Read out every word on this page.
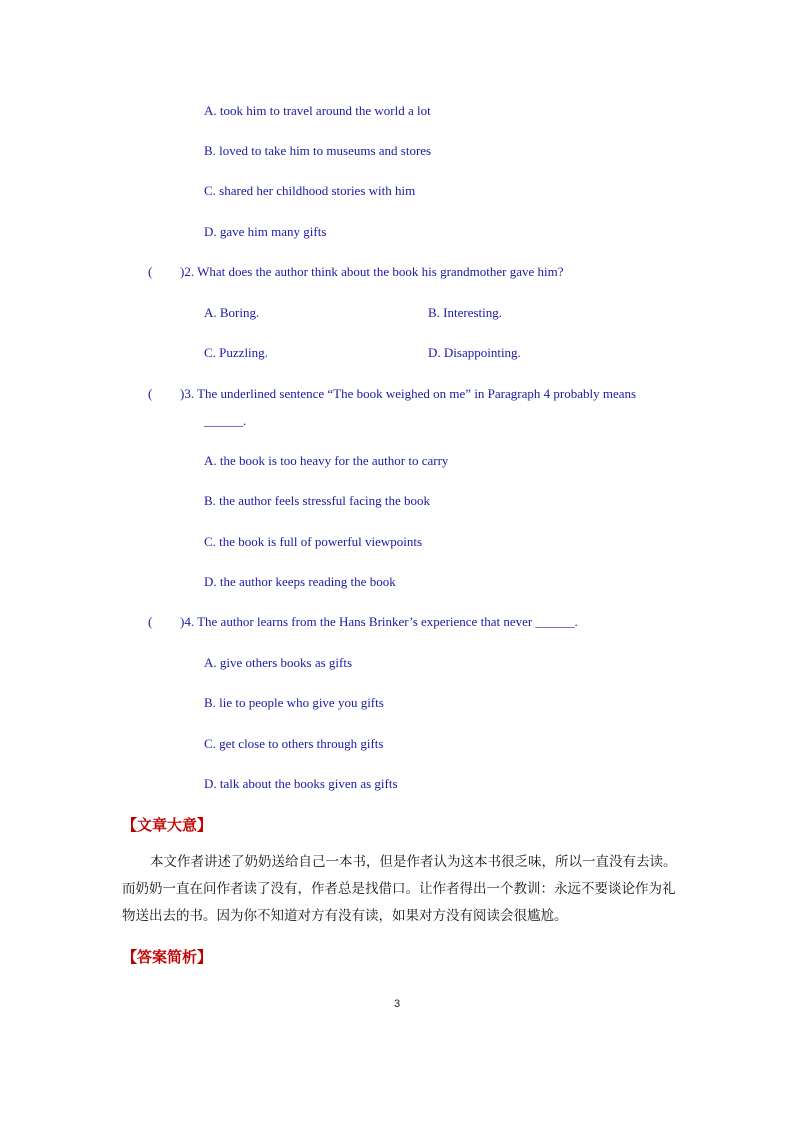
A. took him to travel around the world a lot
B. loved to take him to museums and stores
C. shared her childhood stories with him
D. gave him many gifts
( )2. What does the author think about the book his grandmother gave him?
A. Boring.	B. Interesting.
C. Puzzling.	D. Disappointing.
( )3. The underlined sentence “The book weighed on me” in Paragraph 4 probably means
______.
A. the book is too heavy for the author to carry
B. the author feels stressful facing the book
C. the book is full of powerful viewpoints
D. the author keeps reading the book
( )4. The author learns from the Hans Brinker’s experience that never ______.
A. give others books as gifts
B. lie to people who give you gifts
C. get close to others through gifts
D. talk about the books given as gifts
【文章大意】
本文作者讲述了奶奶送给自己一本书，但是作者认为这本书很乏味，所以一直没有去读。而奶奶一直在问作者读了没有，作者总是找借口。让作者得出一个教训：永远不要谈论作为礼物送出去的书。因为你不知道对方有没有读，如果对方没有阅读会很尴尬。
【答案简析】
3
